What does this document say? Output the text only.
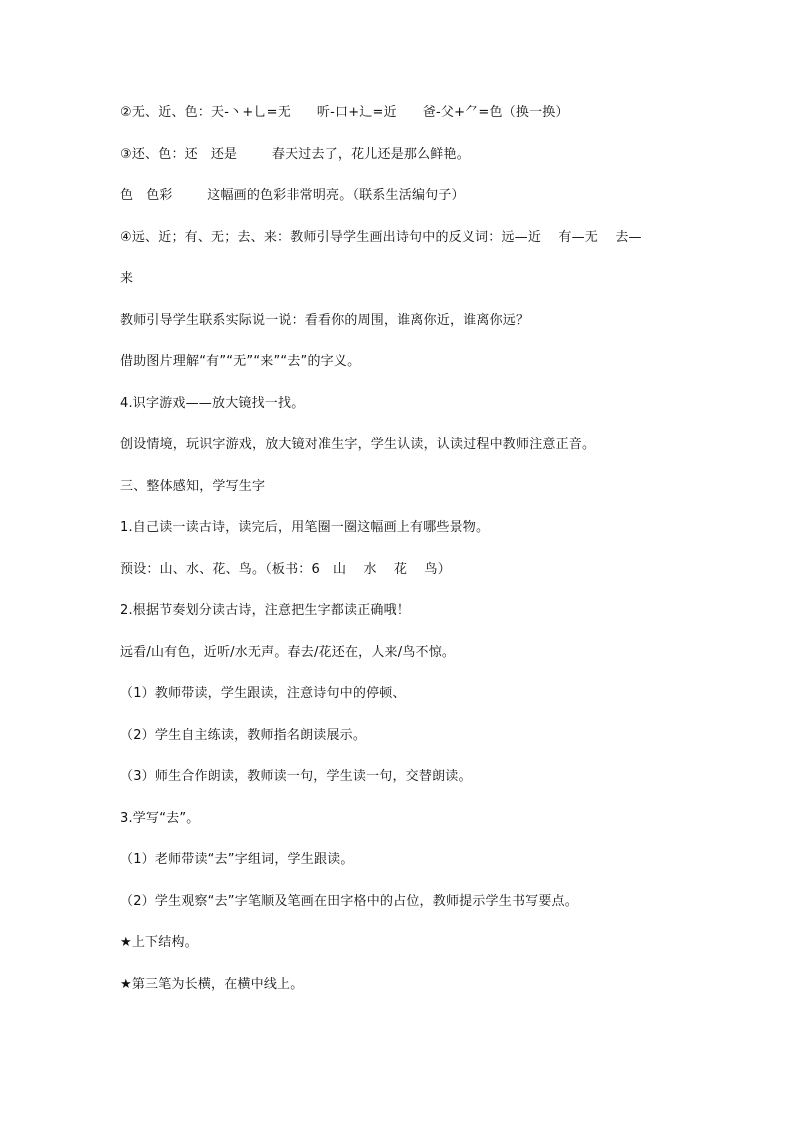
②无、近、色：天-丶+乚=无      听-口+辶=近      爸-父+⺈=色（换一换）
③还、色：还   还是        春天过去了，花儿还是那么鲜艳。
色   色彩        这幅画的色彩非常明亮。（联系生活编句子）
④远、近；有、无；去、来：教师引导学生画出诗句中的反义词：远—近    有—无    去—
来
教师引导学生联系实际说一说：看看你的周围，谁离你近，谁离你远？
借助图片理解“有”“无”“来”“去”的字义。
4.识字游戏——放大镜找一找。
创设情境，玩识字游戏，放大镜对准生字，学生认读，认读过程中教师注意正音。
三、整体感知，学写生字
1.自己读一读古诗，读完后，用笔圈一圈这幅画上有哪些景物。
预设：山、水、花、鸟。（板书：6   山    水    花    鸟）
2.根据节奏划分读古诗，注意把生字都读正确哦！
远看/山有色，近听/水无声。春去/花还在，人来/鸟不惊。
（1）教师带读，学生跟读，注意诗句中的停顿、
（2）学生自主练读，教师指名朗读展示。
（3）师生合作朗读，教师读一句，学生读一句，交替朗读。
3.学写“去”。
（1）老师带读“去”字组词，学生跟读。
（2）学生观察“去”字笔顺及笔画在田字格中的占位，教师提示学生书写要点。
★上下结构。
★第三笔为长横，在横中线上。
